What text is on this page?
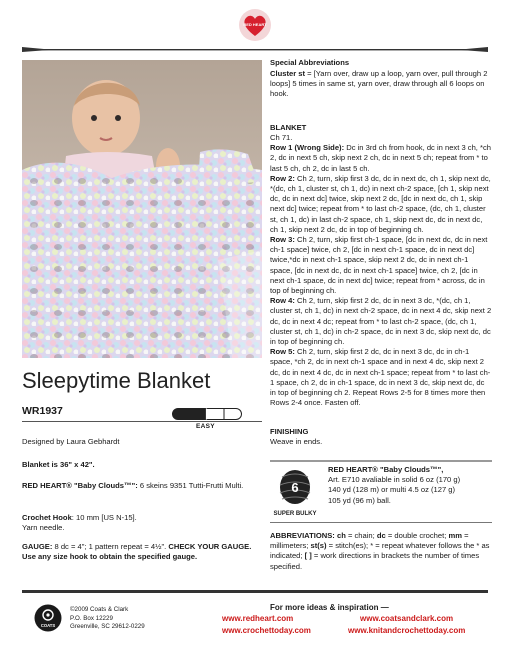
RED HEART
Sleepytime Blanket
WR1937
EASY
Designed by Laura Gebhardt
Blanket is 36" x 42".
RED HEART® "Baby Clouds™": 6 skeins 9351 Tutti-Frutti Multi.
Crochet Hook: 10 mm [US N-15].
Yarn needle.
GAUGE: 8 dc = 4"; 1 pattern repeat = 4½". CHECK YOUR GAUGE. Use any size hook to obtain the specified gauge.
Special Abbreviations
Cluster st = [Yarn over, draw up a loop, yarn over, pull through 2 loops] 5 times in same st, yarn over, draw through all 6 loops on hook.
BLANKET
Ch 71.
Row 1 (Wrong Side): Dc in 3rd ch from hook, dc in next 3 ch, *ch 2, dc in next 5 ch, skip next 2 ch, dc in next 5 ch; repeat from * to last 5 ch, ch 2, dc in last 5 ch.
Row 2: Ch 2, turn, skip first 3 dc, dc in next dc, ch 1, skip next dc, *(dc, ch 1, cluster st, ch 1, dc) in next ch-2 space, [ch 1, skip next dc, dc in next dc] twice, skip next 2 dc, [dc in next dc, ch 1, skip next dc] twice; repeat from * to last ch-2 space, (dc, ch 1, cluster st, ch 1, dc) in last ch-2 space, ch 1, skip next dc, dc in next dc, ch 1, skip next 2 dc, dc in top of beginning ch.
Row 3: Ch 2, turn, skip first ch-1 space, [dc in next dc, dc in next ch-1 space] twice, ch 2, [dc in next ch-1 space, dc in next dc] twice,*dc in next ch-1 space, skip next 2 dc, dc in next ch-1 space, [dc in next dc, dc in next ch-1 space] twice, ch 2, [dc in next ch-1 space, dc in next dc] twice; repeat from * across, dc in top of beginning ch.
Row 4: Ch 2, turn, skip first 2 dc, dc in next 3 dc, *(dc, ch 1, cluster st, ch 1, dc) in next ch-2 space, dc in next 4 dc, skip next 2 dc, dc in next 4 dc; repeat from * to last ch-2 space, (dc, ch 1, cluster st, ch 1, dc) in ch-2 space, dc in next 3 dc, skip next dc, dc in top of beginning ch.
Row 5: Ch 2, turn, skip first 2 dc, dc in next 3 dc, dc in ch-1 space, *ch 2, dc in next ch-1 space and in next 4 dc, skip next 2 dc, dc in next 4 dc, dc in next ch-1 space; repeat from * to last ch-1 space, ch 2, dc in ch-1 space, dc in next 3 dc, skip next dc, dc in top of beginning ch 2. Repeat Rows 2-5 for 8 times more then Rows 2-4 once. Fasten off.
FINISHING
Weave in ends.
6
SUPER BULKY
RED HEART® "Baby Clouds™",
Art. E710 avaliable in solid 6 oz (170 g)
140 yd (128 m) or multi 4.5 oz (127 g)
105 yd (96 m) ball.
ABBREVIATIONS: ch = chain; dc = double crochet; mm = millimeters; st(s) = stitch(es); * = repeat whatever follows the * as indicated; [ ] = work directions in brackets the number of times specified.
COATS
©2009 Coats & Clark
P.O. Box 12229
Greenville, SC 29612-0229
For more ideas & inspiration —
www.redheart.com	www.coatsandclark.com
www.crochettoday.com	www.knitandcrochettoday.com
